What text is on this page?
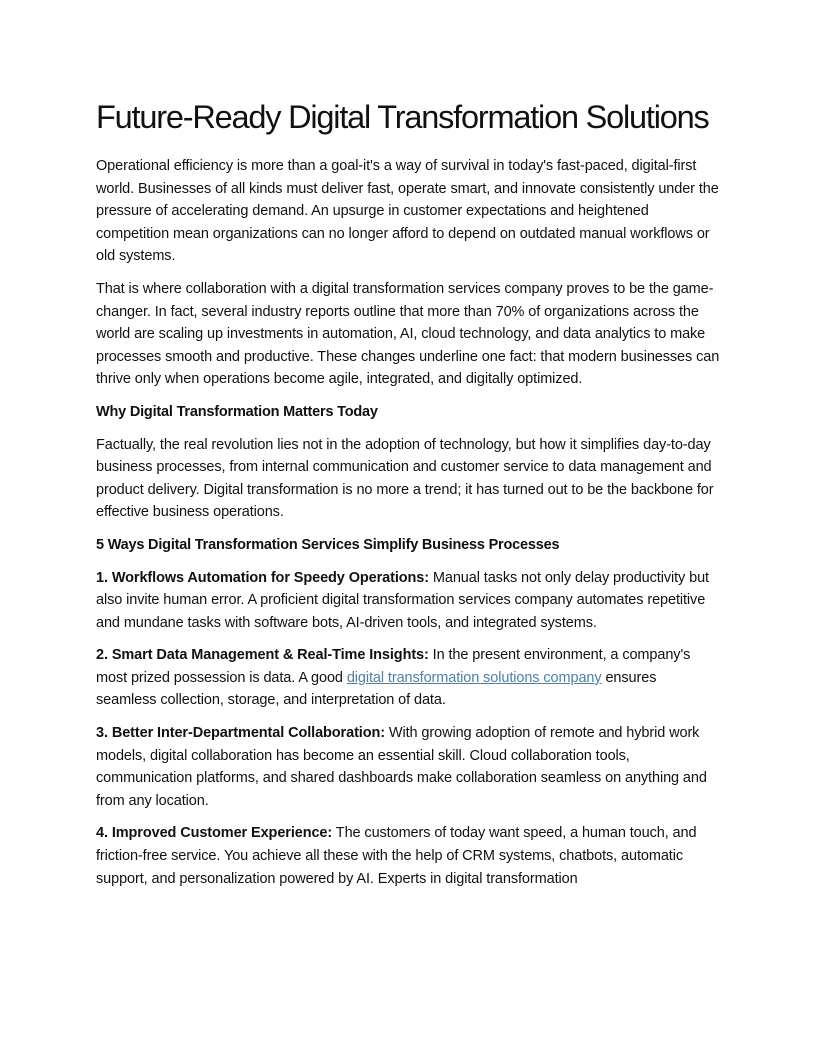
Future-Ready Digital Transformation Solutions

Operational efficiency is more than a goal-it's a way of survival in today's fast-paced, digital-first world. Businesses of all kinds must deliver fast, operate smart, and innovate consistently under the pressure of accelerating demand. An upsurge in customer expectations and heightened competition mean organizations can no longer afford to depend on outdated manual workflows or old systems.

That is where collaboration with a digital transformation services company proves to be the game-changer. In fact, several industry reports outline that more than 70% of organizations across the world are scaling up investments in automation, AI, cloud technology, and data analytics to make processes smooth and productive. These changes underline one fact: that modern businesses can thrive only when operations become agile, integrated, and digitally optimized.

Why Digital Transformation Matters Today

Factually, the real revolution lies not in the adoption of technology, but how it simplifies day-to-day business processes, from internal communication and customer service to data management and product delivery. Digital transformation is no more a trend; it has turned out to be the backbone for effective business operations.

5 Ways Digital Transformation Services Simplify Business Processes

1. Workflows Automation for Speedy Operations: Manual tasks not only delay productivity but also invite human error. A proficient digital transformation services company automates repetitive and mundane tasks with software bots, AI-driven tools, and integrated systems.

2. Smart Data Management & Real-Time Insights: In the present environment, a company's most prized possession is data. A good digital transformation solutions company ensures seamless collection, storage, and interpretation of data.

3. Better Inter-Departmental Collaboration: With growing adoption of remote and hybrid work models, digital collaboration has become an essential skill. Cloud collaboration tools, communication platforms, and shared dashboards make collaboration seamless on anything and from any location.

4. Improved Customer Experience: The customers of today want speed, a human touch, and friction-free service. You achieve all these with the help of CRM systems, chatbots, automatic support, and personalization powered by AI. Experts in digital transformation
